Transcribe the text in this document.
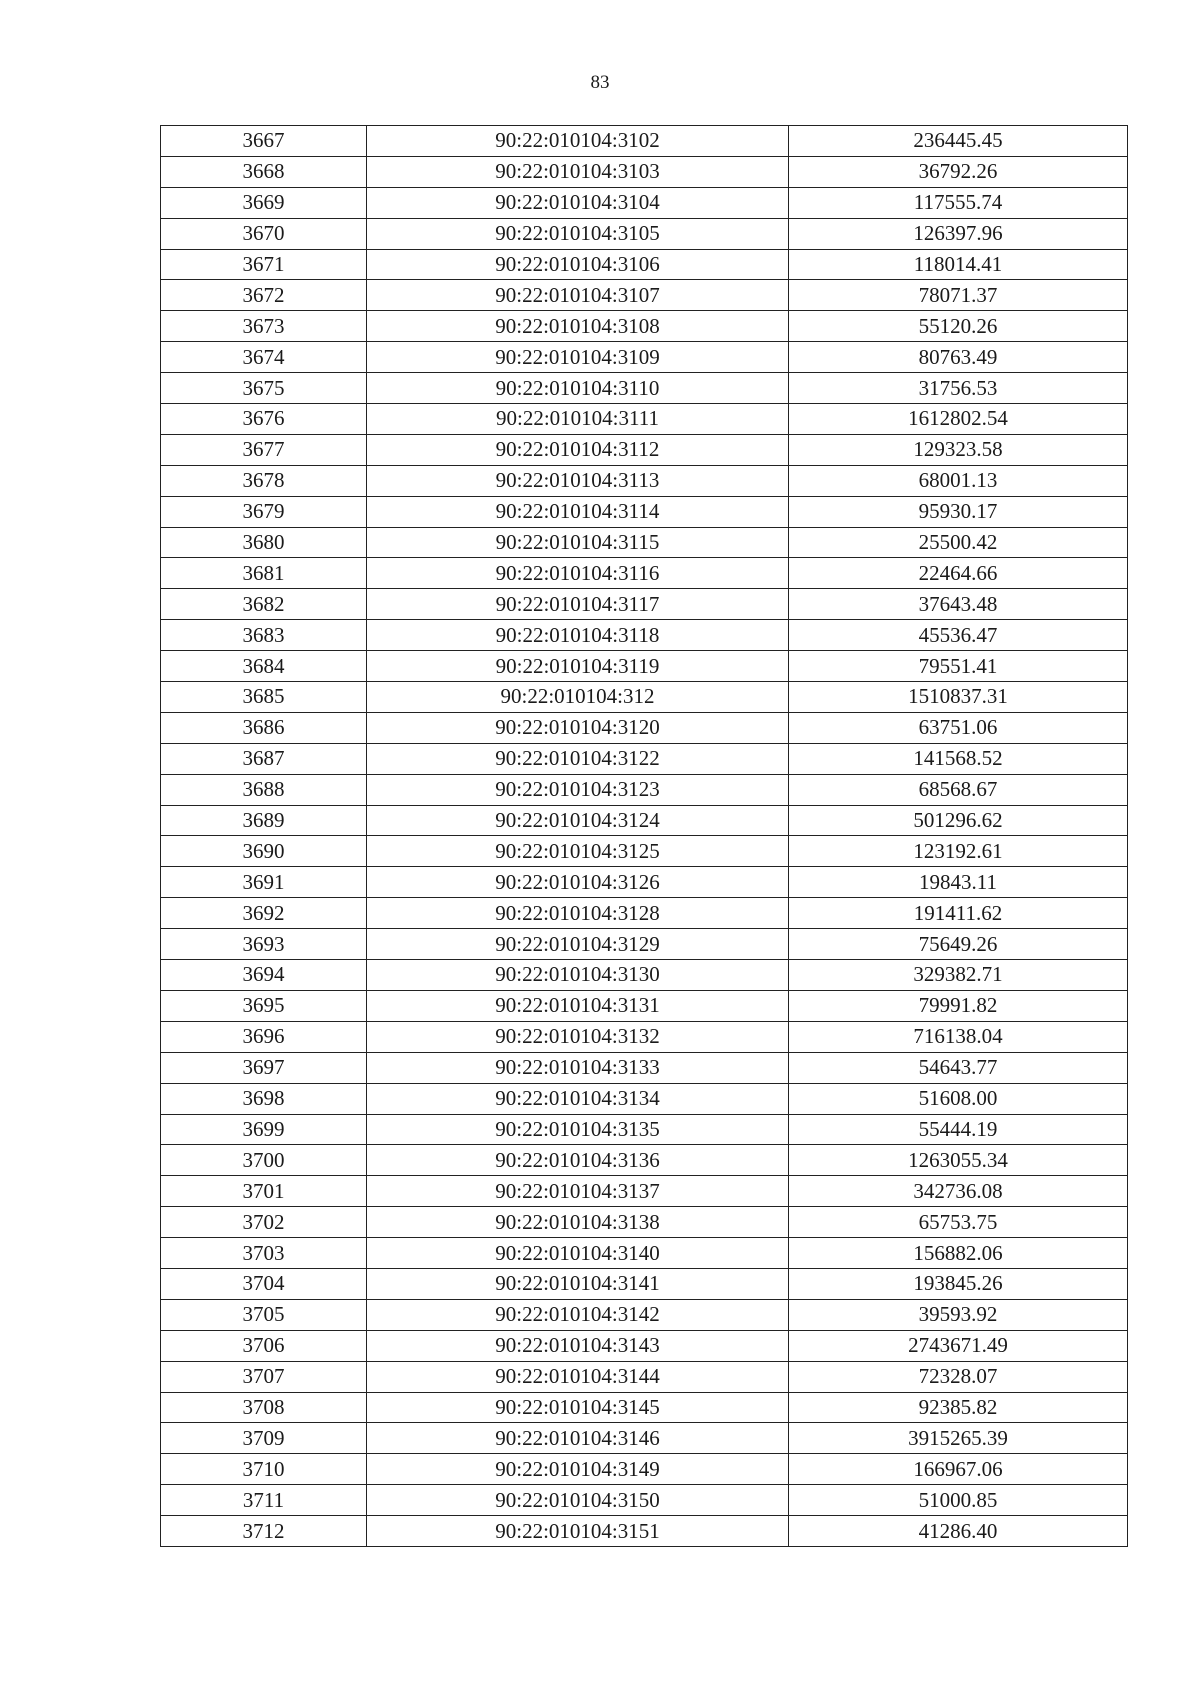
83
3667	90:22:010104:3102	236445.45
3668	90:22:010104:3103	36792.26
3669	90:22:010104:3104	117555.74
3670	90:22:010104:3105	126397.96
3671	90:22:010104:3106	118014.41
3672	90:22:010104:3107	78071.37
3673	90:22:010104:3108	55120.26
3674	90:22:010104:3109	80763.49
3675	90:22:010104:3110	31756.53
3676	90:22:010104:3111	1612802.54
3677	90:22:010104:3112	129323.58
3678	90:22:010104:3113	68001.13
3679	90:22:010104:3114	95930.17
3680	90:22:010104:3115	25500.42
3681	90:22:010104:3116	22464.66
3682	90:22:010104:3117	37643.48
3683	90:22:010104:3118	45536.47
3684	90:22:010104:3119	79551.41
3685	90:22:010104:312	1510837.31
3686	90:22:010104:3120	63751.06
3687	90:22:010104:3122	141568.52
3688	90:22:010104:3123	68568.67
3689	90:22:010104:3124	501296.62
3690	90:22:010104:3125	123192.61
3691	90:22:010104:3126	19843.11
3692	90:22:010104:3128	191411.62
3693	90:22:010104:3129	75649.26
3694	90:22:010104:3130	329382.71
3695	90:22:010104:3131	79991.82
3696	90:22:010104:3132	716138.04
3697	90:22:010104:3133	54643.77
3698	90:22:010104:3134	51608.00
3699	90:22:010104:3135	55444.19
3700	90:22:010104:3136	1263055.34
3701	90:22:010104:3137	342736.08
3702	90:22:010104:3138	65753.75
3703	90:22:010104:3140	156882.06
3704	90:22:010104:3141	193845.26
3705	90:22:010104:3142	39593.92
3706	90:22:010104:3143	2743671.49
3707	90:22:010104:3144	72328.07
3708	90:22:010104:3145	92385.82
3709	90:22:010104:3146	3915265.39
3710	90:22:010104:3149	166967.06
3711	90:22:010104:3150	51000.85
3712	90:22:010104:3151	41286.40
